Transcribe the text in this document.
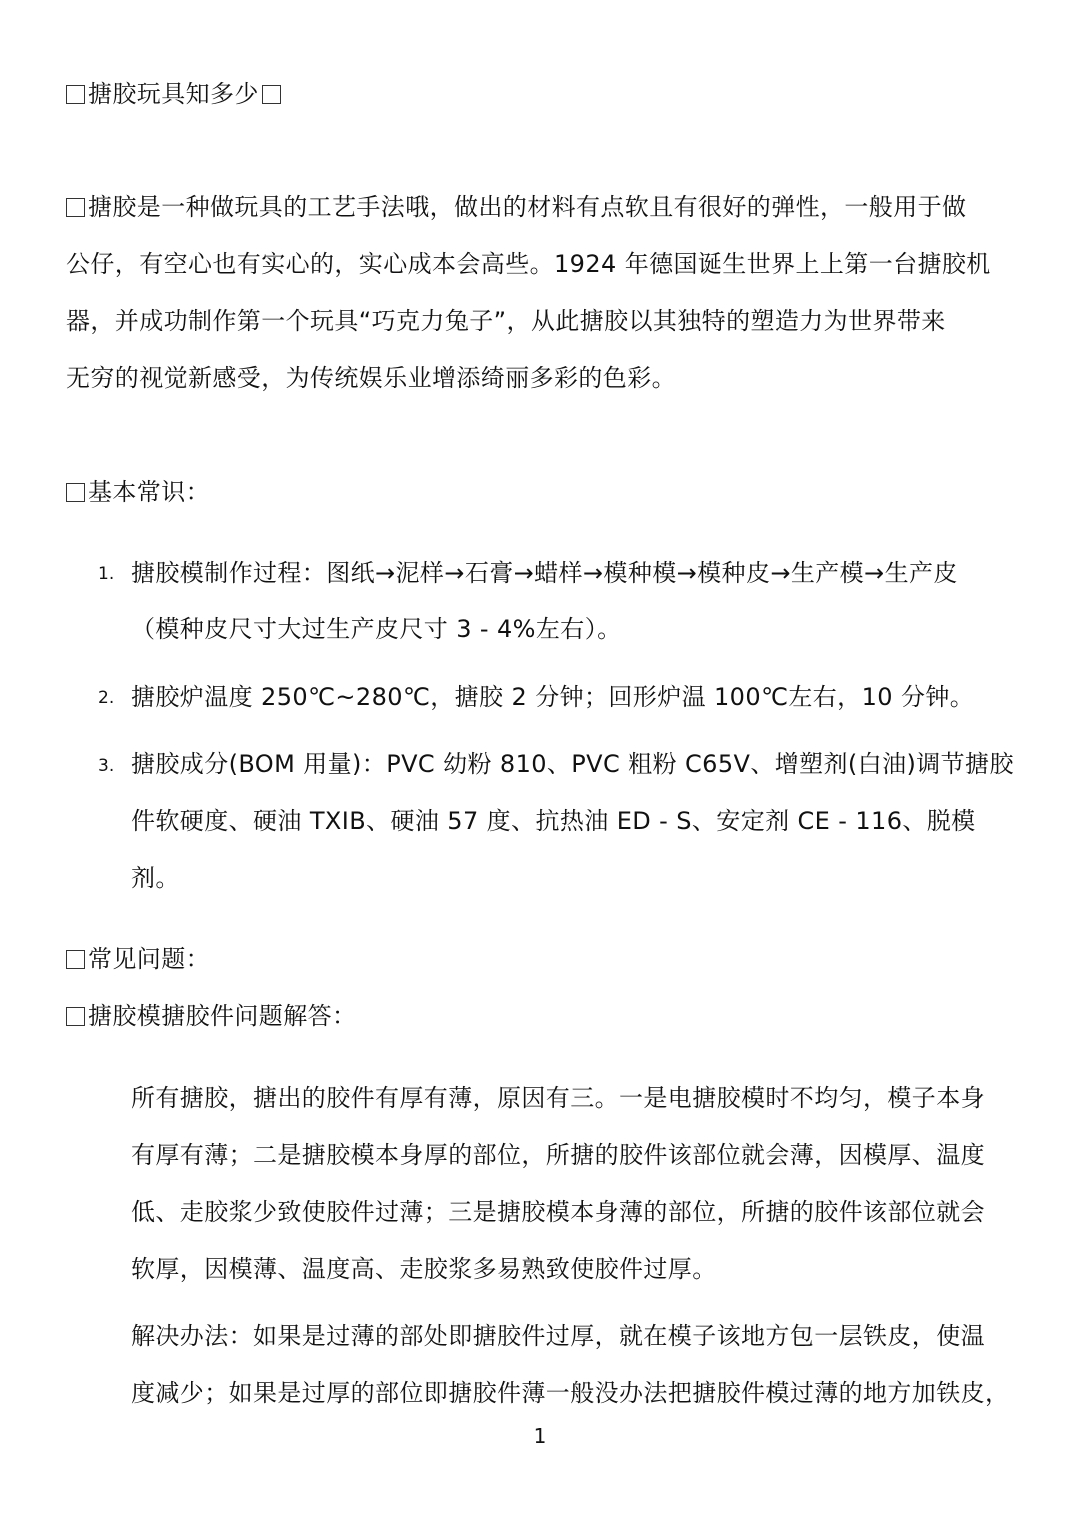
搪胶玩具知多少
搪胶是一种做玩具的工艺手法哦，做出的材料有点软且有很好的弹性，一般用于做
公仔，有空心也有实心的，实心成本会高些。1924 年德国诞生世界上上第一台搪胶机
器，并成功制作第一个玩具“巧克力兔子”，从此搪胶以其独特的塑造力为世界带来
无穷的视觉新感受，为传统娱乐业增添绮丽多彩的色彩。
基本常识：
1. 搪胶模制作过程：图纸→泥样→石膏→蜡样→模种模→模种皮→生产模→生产皮
（模种皮尺寸大过生产皮尺寸 3 - 4%左右）。
2. 搪胶炉温度 250℃~280℃，搪胶 2 分钟；回形炉温 100℃左右，10 分钟。
3. 搪胶成分(BOM 用量)：PVC 幼粉 810、PVC 粗粉 C65V、增塑剂(白油)调节搪胶
件软硬度、硬油 TXIB、硬油 57 度、抗热油 ED - S、安定剂 CE - 116、脱模
剂。
常见问题：
搪胶模搪胶件问题解答：
所有搪胶，搪出的胶件有厚有薄，原因有三。一是电搪胶模时不均匀，模子本身
有厚有薄；二是搪胶模本身厚的部位，所搪的胶件该部位就会薄，因模厚、温度
低、走胶浆少致使胶件过薄；三是搪胶模本身薄的部位，所搪的胶件该部位就会
软厚，因模薄、温度高、走胶浆多易熟致使胶件过厚。
解决办法：如果是过薄的部处即搪胶件过厚，就在模子该地方包一层铁皮，使温
度减少；如果是过厚的部位即搪胶件薄一般没办法把搪胶件模过薄的地方加铁皮，
1
